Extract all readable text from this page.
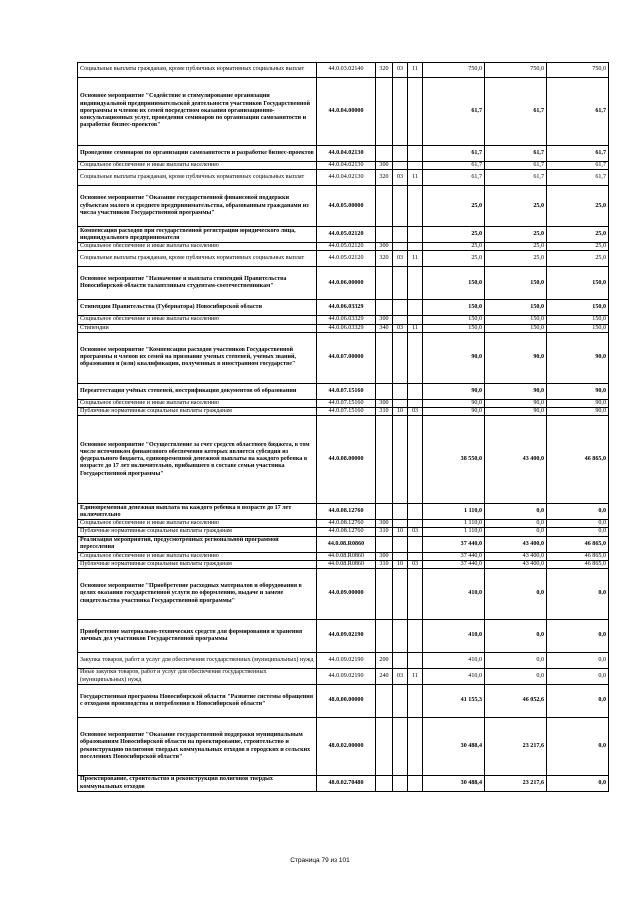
Социальные выплаты гражданам, кроме публичных нормативных социальных выплат	44.0.03.02140	320	03	11	750,0	750,0	750,0
Основное мероприятие "Содействие и стимулирование организации индивидуальной предпринимательской деятельности участников Государственной программы и членов их семей посредством оказания организационно-консультационных услуг, проведения семинаров по организации самозанятости и разработке бизнес-проектов"	44.0.04.00000				61,7	61,7	61,7
Проведение семинаров по организации самозанятости и разработке бизнес-проектов	44.0.04.02130				61,7	61,7	61,7
Социальное обеспечение и иные выплаты населению	44.0.04.02130	300			61,7	61,7	61,7
Социальные выплаты гражданам, кроме публичных нормативных социальных выплат	44.0.04.02130	320	03	11	61,7	61,7	61,7
Основное мероприятие "Оказание государственной финансовой поддержки субъектам малого и среднего предпринимательства, образованным гражданами из числа участников Государственной программы"	44.0.05.00000				25,0	25,0	25,0
Компенсация расходов при государственной регистрации юридического лица, индивидуального предпринимателя	44.0.05.02120				25,0	25,0	25,0
Социальное обеспечение и иные выплаты населению	44.0.05.02120	300			25,0	25,0	25,0
Социальные выплаты гражданам, кроме публичных нормативных социальных выплат	44.0.05.02120	320	03	11	25,0	25,0	25,0
Основное мероприятие "Назначение и выплата стипендий Правительства Новосибирской области талантливым студентам-соотечественникам"	44.0.06.00000				150,0	150,0	150,0
Стипендии Правительства (Губернатора) Новосибирской области	44.0.06.03329				150,0	150,0	150,0
Социальное обеспечение и иные выплаты населению	44.0.06.03329	300			150,0	150,0	150,0
Стипендии	44.0.06.03329	340	03	11	150,0	150,0	150,0
Основное мероприятие "Компенсация расходов участников Государственной программы и членов их семей на признание ученых степеней, ученых званий, образования и (или) квалификации, полученных в иностранном государстве"	44.0.07.00000				90,0	90,0	90,0
Переаттестация учёных степеней, нострификация документов об образовании	44.0.07.15160				90,0	90,0	90,0
Социальное обеспечение и иные выплаты населению	44.0.07.15160	300			90,0	90,0	90,0
Публичные нормативные социальные выплаты гражданам	44.0.07.15160	310	10	03	90,0	90,0	90,0
Основное мероприятие "Осуществление за счет средств областного бюджета, в том числе источником финансового обеспечения которых является субсидия из федерального бюджета, единовременной денежной выплаты на каждого ребенка в возрасте до 17 лет включительно, прибывшего в составе семьи участника Государственной программы"	44.0.08.00000				38 550,0	43 400,0	46 865,0
Единовременная денежная выплата на каждого ребенка в возрасте до 17 лет включительно	44.0.08.12760				1 110,0	0,0	0,0
Социальное обеспечение и иные выплаты населению	44.0.08.12760	300			1 110,0	0,0	0,0
Публичные нормативные социальные выплаты гражданам	44.0.08.12760	310	10	03	1 110,0	0,0	0,0
Реализация мероприятий, предусмотренных региональной программой переселения	44.0.08.R0860				37 440,0	43 400,0	46 865,0
Социальное обеспечение и иные выплаты населению	44.0.08.R0860	300			37 440,0	43 400,0	46 865,0
Публичные нормативные социальные выплаты гражданам	44.0.08.R0860	310	10	03	37 440,0	43 400,0	46 865,0
Основное мероприятие "Приобретение расходных материалов и оборудования в целях оказания государственной услуги по оформлению, выдаче и замене свидетельства участника Государственной программы"	44.0.09.00000				410,0	0,0	0,0
Приобретение материально-технических средств для формирования и хранения личных дел участников Государственной программы	44.0.09.02190				410,0	0,0	0,0
Закупка товаров, работ и услуг для обеспечения государственных (муниципальных) нужд	44.0.09.02190	200			410,0	0,0	0,0
Иные закупки товаров, работ и услуг для обеспечения государственных (муниципальных) нужд	44.0.09.02190	240	03	11	410,0	0,0	0,0
Государственная программа Новосибирской области "Развитие системы обращения с отходами производства и потребления в Новосибирской области"	48.0.00.00000				41 155,3	46 052,6	0,0
Основное мероприятие "Оказание государственной поддержки муниципальным образованиям Новосибирской области на проектирование, строительство и реконструкцию полигонов твердых коммунальных отходов в городских и сельских поселениях Новосибирской области"	48.0.02.00000				30 488,4	23 217,6	0,0
Проектирование, строительство и реконструкция полигонов твердых коммунальных отходов	48.0.02.70480				30 488,4	23 217,6	0,0
Страница 79 из 101
